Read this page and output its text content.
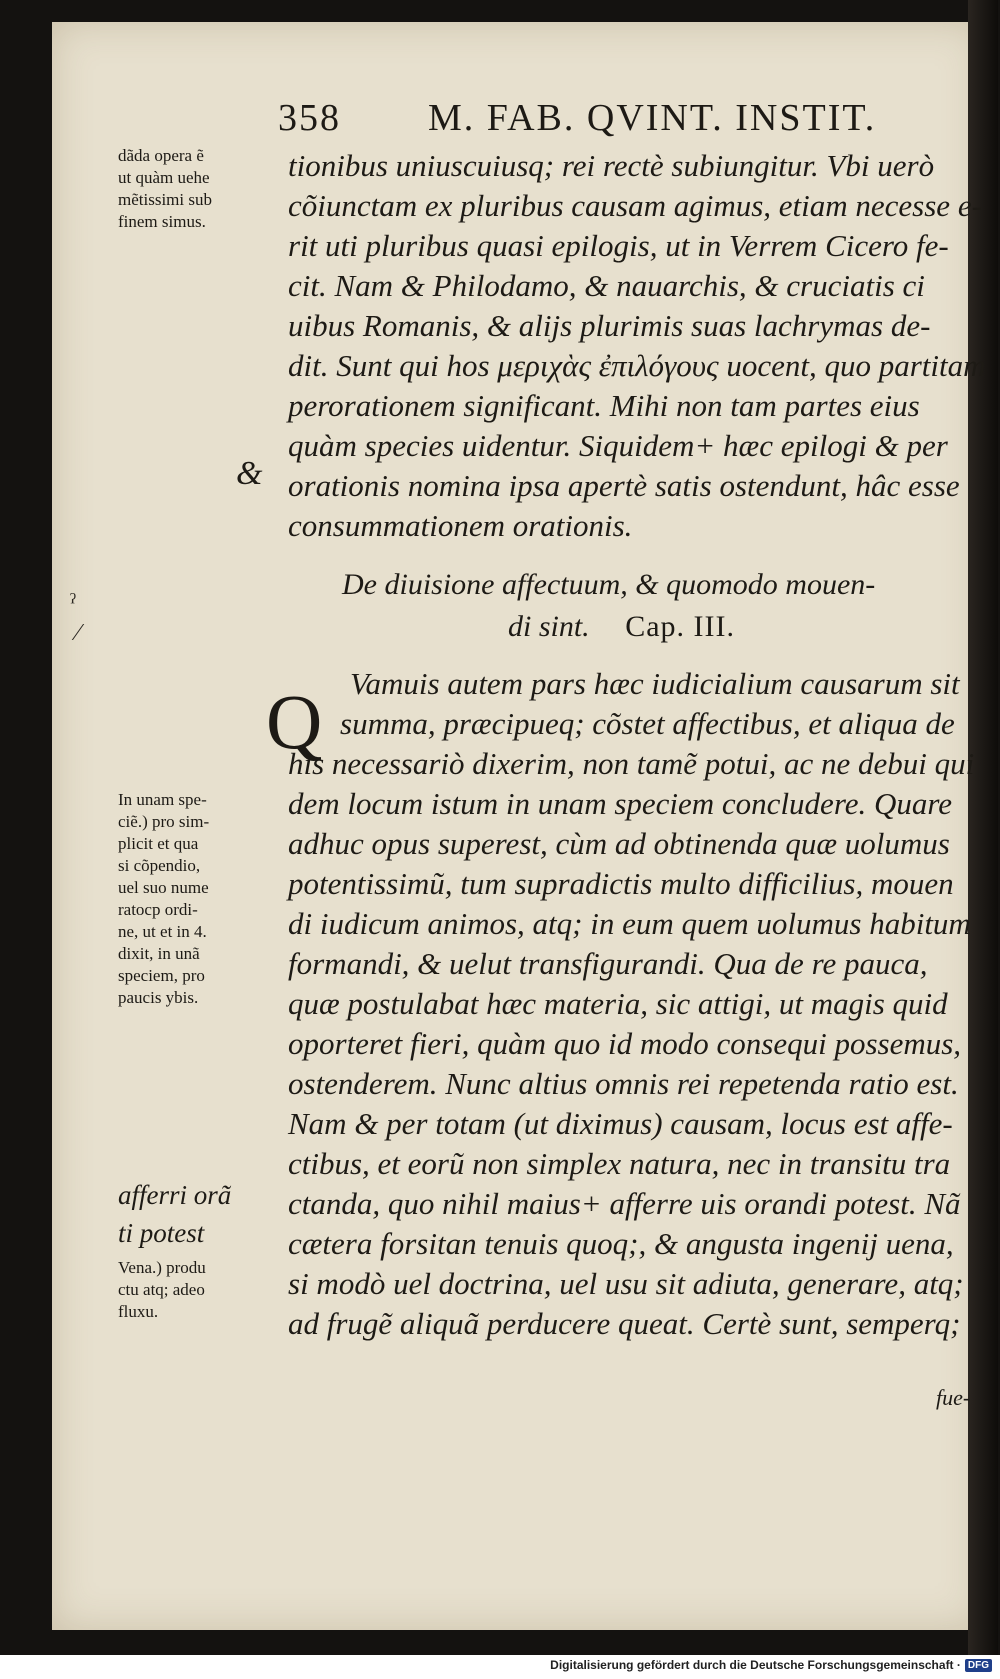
358 M. FAB. QVINT. INSTIT.
tionibus uniuscuiusq; rei rectè subiungitur. Vbi uerò
cõiunctam ex pluribus causam agimus, etiam necesse e-
rit uti pluribus quasi epilogis, ut in Verrem Cicero fe-
cit. Nam & Philodamo, & nauarchis, & cruciatis ci
uibus Romanis, & alijs plurimis suas lachrymas de-
dit. Sunt qui hos μεριχὰς ἐπιλόγους uocent, quo partitam
perorationem significant. Mihi non tam partes eius
quàm species uidentur. Siquidem+ hæc epilogi & per
orationis nomina ipsa apertè satis ostendunt, hâc esse
consummationem orationis.
De diuisione affectuum, & quomodo mouen-
di sint. Cap. III.
Q Vamuis autem pars hæc iudicialium causarum sit
summa, præcipueq; cõstet affectibus, et aliqua de
his necessariò dixerim, non tamẽ potui, ac ne debui qui
dem locum istum in unam speciem concludere. Quare
adhuc opus superest, cùm ad obtinenda quæ uolumus
potentissimũ, tum supradictis multo difficilius, mouen
di iudicum animos, atq; in eum quem uolumus habitum
formandi, & uelut transfigurandi. Qua de re pauca,
quæ postulabat hæc materia, sic attigi, ut magis quid
oporteret fieri, quàm quo id modo consequi possemus,
ostenderem. Nunc altius omnis rei repetenda ratio est.
Nam & per totam (ut diximus) causam, locus est affe-
ctibus, et eorũ non simplex natura, nec in transitu tra
ctanda, quo nihil maius+ afferre uis orandi potest. Nã
cætera forsitan tenuis quoq;, & angusta ingenij uena,
si modò uel doctrina, uel usu sit adiuta, generare, atq;
ad frugẽ aliquã perducere queat. Certè sunt, semperq;
fue-
dãda opera ẽ
ut quàm uehe
mẽtissimi sub
finem simus.
&
ˀ
⁄
In unam spe-
ciẽ.) pro sim-
plicit et qua
si cõpendio,
uel suo nume
ratocp ordi-
ne, ut et in 4.
dixit, in unã
speciem, pro
paucis ybis.
afferri orã
ti potest
Vena.) produ
ctu atq; adeo
fluxu.
Digitalisierung gefördert durch die Deutsche Forschungsgemeinschaft · DFG
